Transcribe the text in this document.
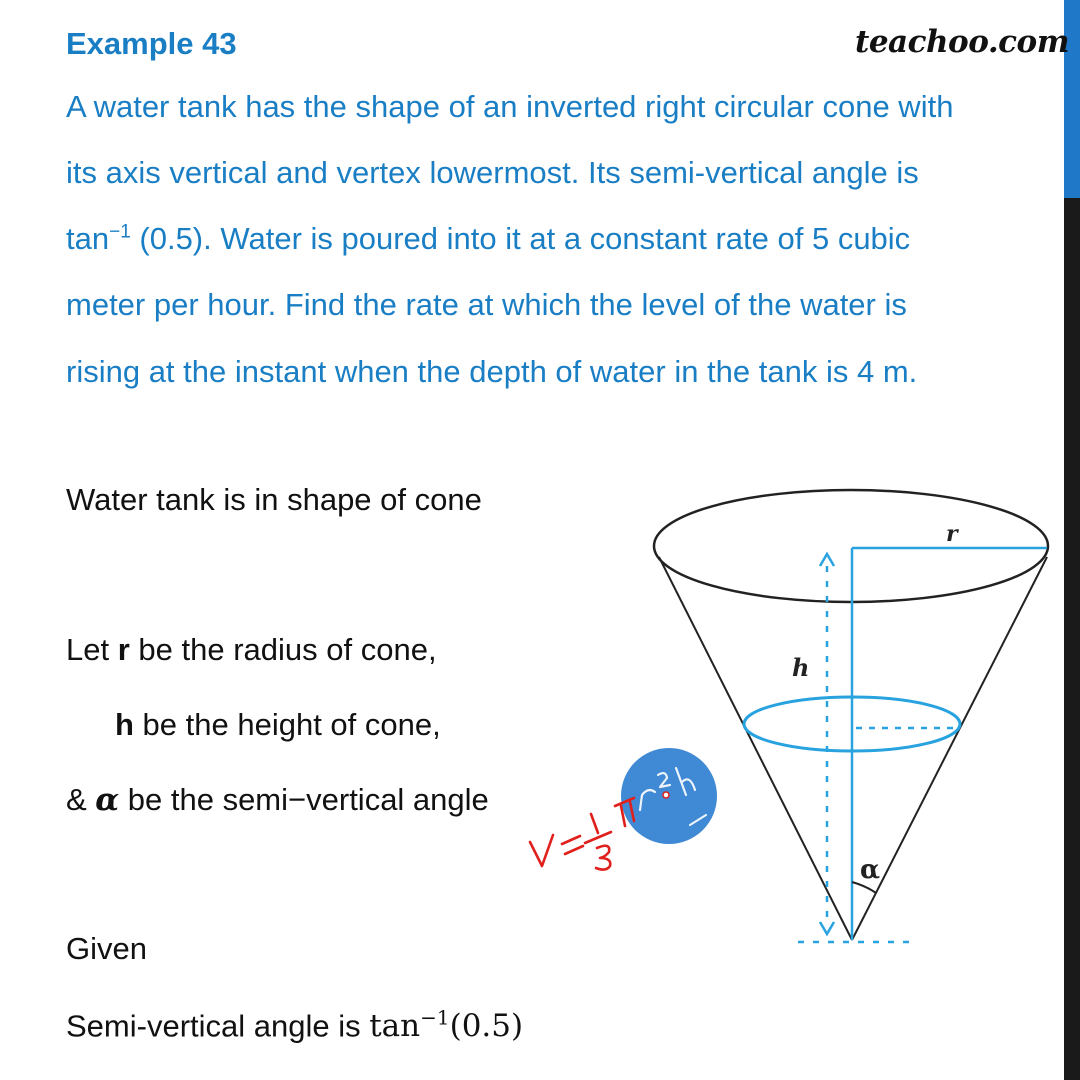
Example 43	teachoo.com
A water tank has the shape of an inverted right circular cone with
its axis vertical and vertex lowermost. Its semi-vertical angle is
$\tan^{-1} (0.5)$. Water is poured into it at a constant rate of 5 cubic
meter per hour. Find the rate at which the level of the water is
rising at the instant when the depth of water in the tank is 4 m.
Water tank is in shape of cone
Let r be the radius of cone,
h be the height of cone,
& α be the semi−vertical angle
Given
Semi-vertical angle is $\tan^{-1}(0.5)$
r
h
α
